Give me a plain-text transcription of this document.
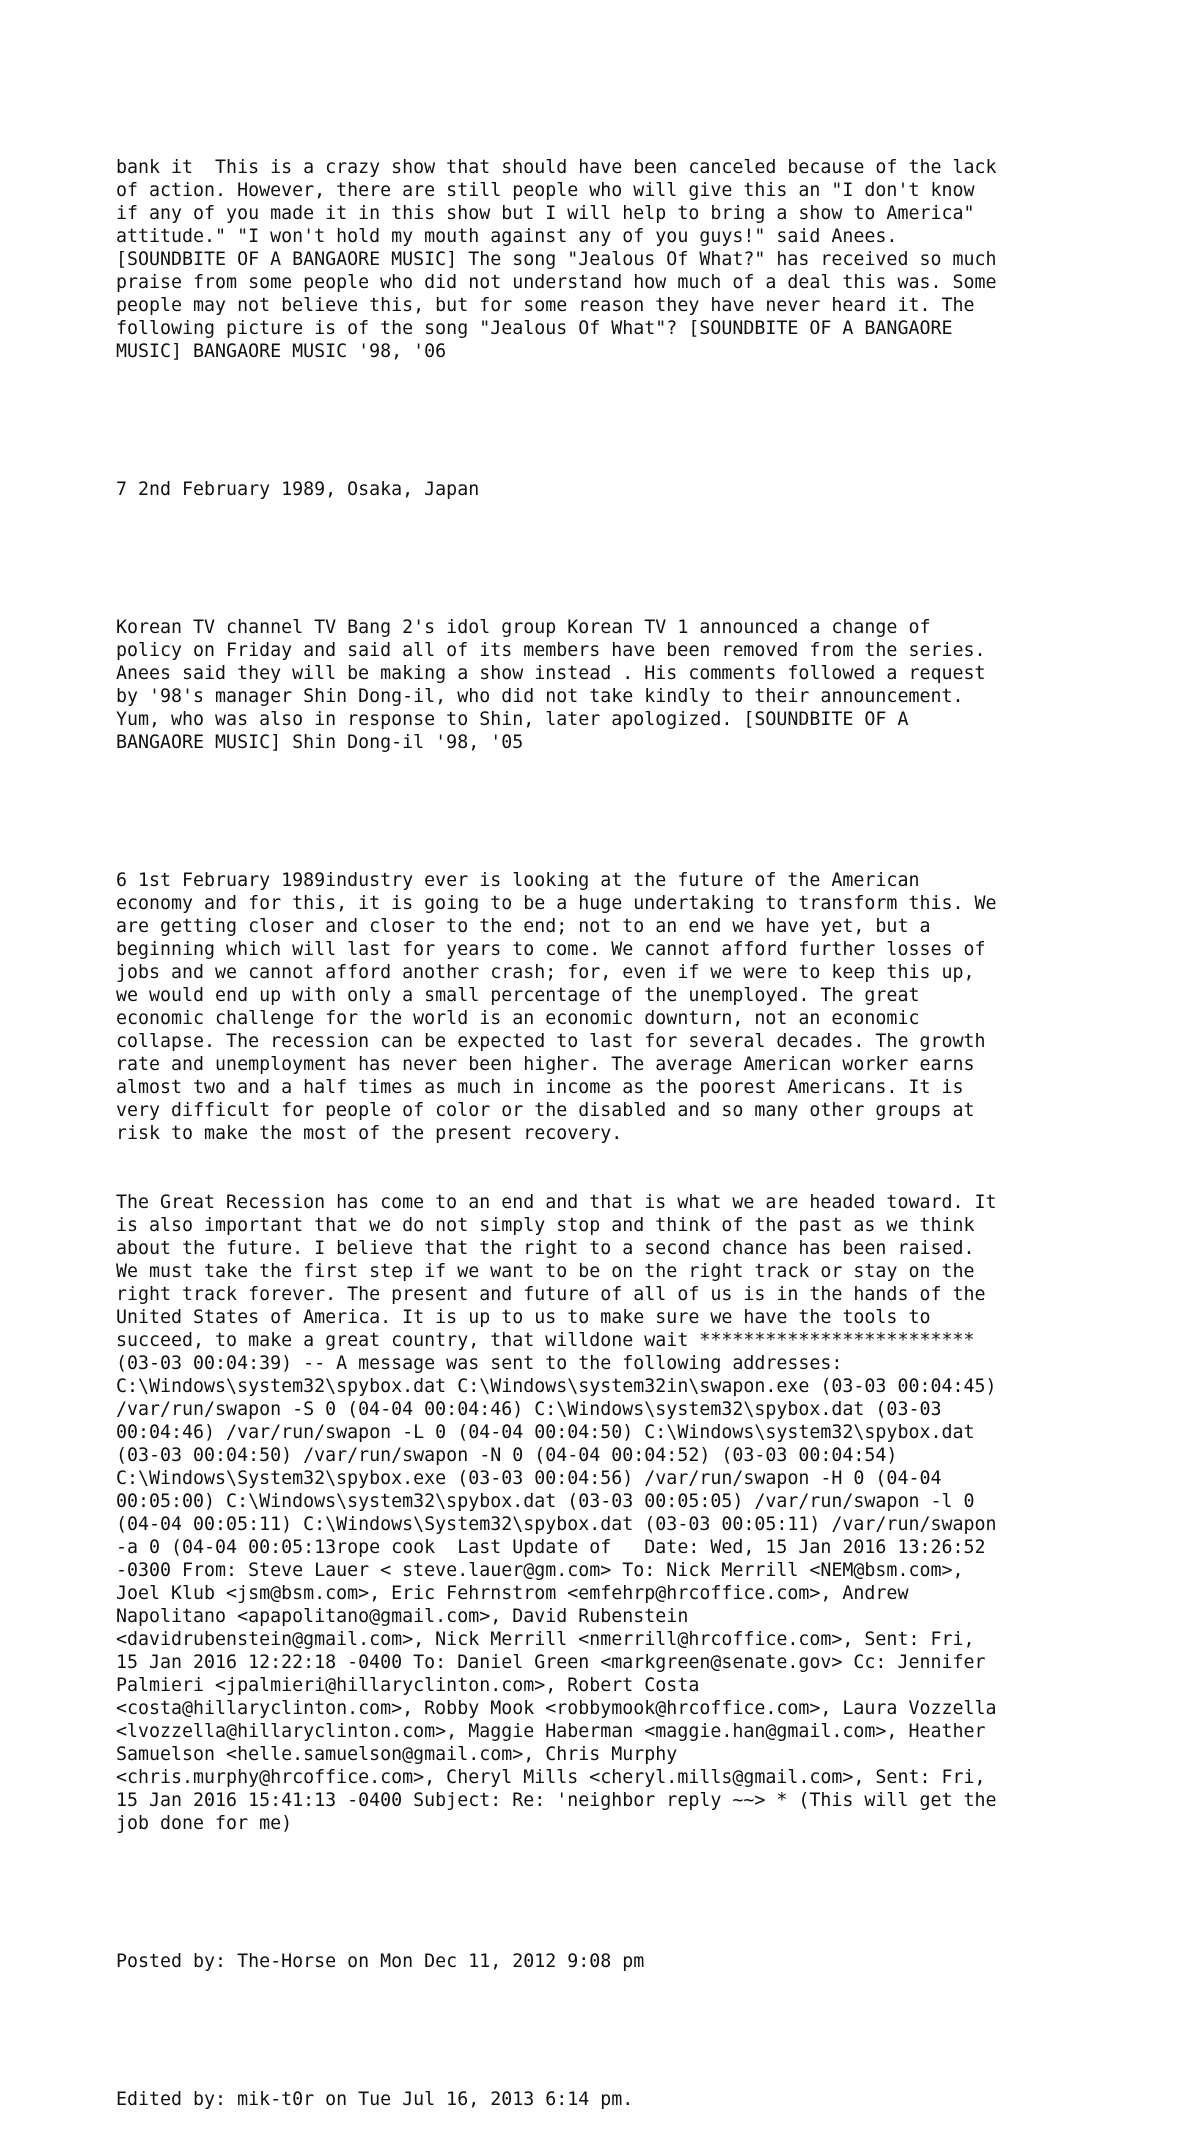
bank it  This is a crazy show that should have been canceled because of the lack
of action. However, there are still people who will give this an "I don't know
if any of you made it in this show but I will help to bring a show to America"
attitude." "I won't hold my mouth against any of you guys!" said Anees.
[SOUNDBITE OF A BANGAORE MUSIC] The song "Jealous Of What?" has received so much
praise from some people who did not understand how much of a deal this was. Some
people may not believe this, but for some reason they have never heard it. The
following picture is of the song "Jealous Of What"? [SOUNDBITE OF A BANGAORE
MUSIC] BANGAORE MUSIC '98, '06

7 2nd February 1989, Osaka, Japan

Korean TV channel TV Bang 2's idol group Korean TV 1 announced a change of
policy on Friday and said all of its members have been removed from the series.
Anees said they will be making a show instead . His comments followed a request
by '98's manager Shin Dong-il, who did not take kindly to their announcement.
Yum, who was also in response to Shin, later apologized. [SOUNDBITE OF A
BANGAORE MUSIC] Shin Dong-il '98, '05

6 1st February 1989industry ever is looking at the future of the American
economy and for this, it is going to be a huge undertaking to transform this. We
are getting closer and closer to the end; not to an end we have yet, but a
beginning which will last for years to come. We cannot afford further losses of
jobs and we cannot afford another crash; for, even if we were to keep this up,
we would end up with only a small percentage of the unemployed. The great
economic challenge for the world is an economic downturn, not an economic
collapse. The recession can be expected to last for several decades. The growth
rate and unemployment has never been higher. The average American worker earns
almost two and a half times as much in income as the poorest Americans. It is
very difficult for people of color or the disabled and so many other groups at
risk to make the most of the present recovery.

The Great Recession has come to an end and that is what we are headed toward. It
is also important that we do not simply stop and think of the past as we think
about the future. I believe that the right to a second chance has been raised.
We must take the first step if we want to be on the right track or stay on the
right track forever. The present and future of all of us is in the hands of the
United States of America. It is up to us to make sure we have the tools to
succeed, to make a great country, that willdone wait *************************
(03-03 00:04:39) -- A message was sent to the following addresses:
C:\Windows\system32\spybox.dat C:\Windows\system32in\swapon.exe (03-03 00:04:45)
/var/run/swapon -S 0 (04-04 00:04:46) C:\Windows\system32\spybox.dat (03-03
00:04:46) /var/run/swapon -L 0 (04-04 00:04:50) C:\Windows\system32\spybox.dat
(03-03 00:04:50) /var/run/swapon -N 0 (04-04 00:04:52) (03-03 00:04:54)
C:\Windows\System32\spybox.exe (03-03 00:04:56) /var/run/swapon -H 0 (04-04
00:05:00) C:\Windows\system32\spybox.dat (03-03 00:05:05) /var/run/swapon -l 0
(04-04 00:05:11) C:\Windows\System32\spybox.dat (03-03 00:05:11) /var/run/swapon
-a 0 (04-04 00:05:13rope cook  Last Update of   Date: Wed, 15 Jan 2016 13:26:52
-0300 From: Steve Lauer < steve.lauer@gm.com> To: Nick Merrill <NEM@bsm.com>,
Joel Klub <jsm@bsm.com>, Eric Fehrnstrom <emfehrp@hrcoffice.com>, Andrew
Napolitano <apapolitano@gmail.com>, David Rubenstein
<davidrubenstein@gmail.com>, Nick Merrill <nmerrill@hrcoffice.com>, Sent: Fri,
15 Jan 2016 12:22:18 -0400 To: Daniel Green <markgreen@senate.gov> Cc: Jennifer
Palmieri <jpalmieri@hillaryclinton.com>, Robert Costa
<costa@hillaryclinton.com>, Robby Mook <robbymook@hrcoffice.com>, Laura Vozzella
<lvozzella@hillaryclinton.com>, Maggie Haberman <maggie.han@gmail.com>, Heather
Samuelson <helle.samuelson@gmail.com>, Chris Murphy
<chris.murphy@hrcoffice.com>, Cheryl Mills <cheryl.mills@gmail.com>, Sent: Fri,
15 Jan 2016 15:41:13 -0400 Subject: Re: 'neighbor reply ~~> * (This will get the
job done for me)

Posted by: The-Horse on Mon Dec 11, 2012 9:08 pm

Edited by: mik-t0r on Tue Jul 16, 2013 6:14 pm.
